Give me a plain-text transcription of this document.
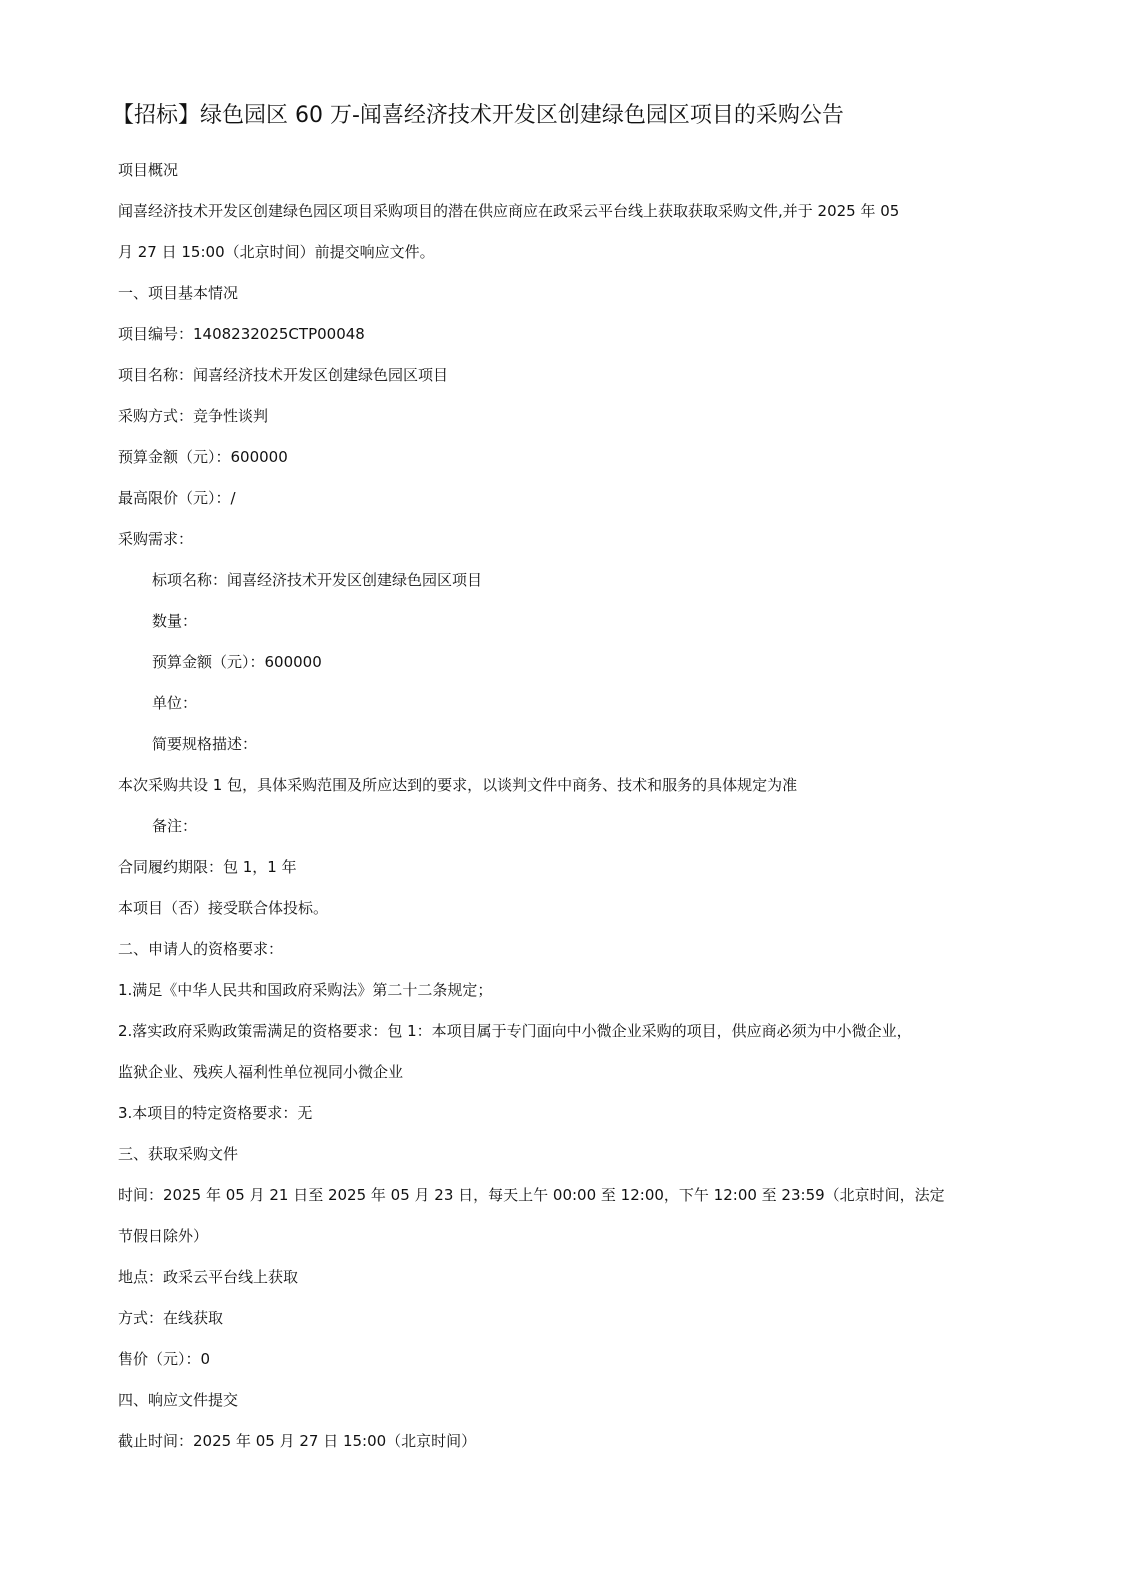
【招标】绿色园区 60 万-闻喜经济技术开发区创建绿色园区项目的采购公告
项目概况
闻喜经济技术开发区创建绿色园区项目采购项目的潜在供应商应在政采云平台线上获取获取采购文件,并于 2025 年 05
月 27 日 15:00（北京时间）前提交响应文件。
一、项目基本情况
项目编号：1408232025CTP00048
项目名称：闻喜经济技术开发区创建绿色园区项目
采购方式：竞争性谈判
预算金额（元）：600000
最高限价（元）：/
采购需求：
标项名称：闻喜经济技术开发区创建绿色园区项目
数量：
预算金额（元）：600000
单位：
简要规格描述：
本次采购共设 1 包，具体采购范围及所应达到的要求，以谈判文件中商务、技术和服务的具体规定为准
备注：
合同履约期限：包 1，1 年
本项目（否）接受联合体投标。
二、申请人的资格要求：
1.满足《中华人民共和国政府采购法》第二十二条规定；
2.落实政府采购政策需满足的资格要求：包 1：本项目属于专门面向中小微企业采购的项目，供应商必须为中小微企业，
监狱企业、残疾人福利性单位视同小微企业
3.本项目的特定资格要求：无
三、获取采购文件
时间：2025 年 05 月 21 日至 2025 年 05 月 23 日，每天上午 00:00 至 12:00，下午 12:00 至 23:59（北京时间，法定
节假日除外）
地点：政采云平台线上获取
方式：在线获取
售价（元）：0
四、响应文件提交
截止时间：2025 年 05 月 27 日 15:00（北京时间）
